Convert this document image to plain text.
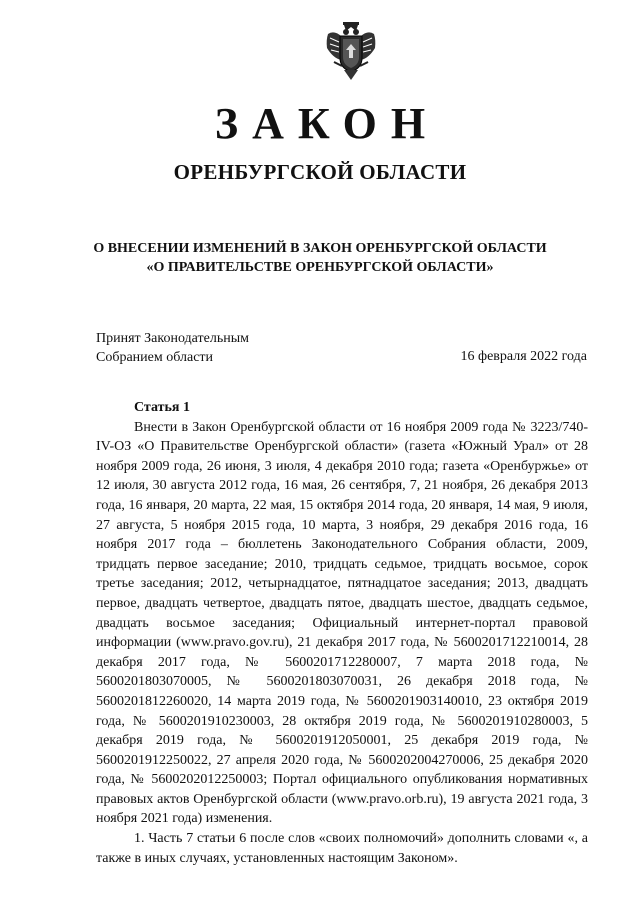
ЗАКОН
ОРЕНБУРГСКОЙ ОБЛАСТИ
О ВНЕСЕНИИ ИЗМЕНЕНИЙ В ЗАКОН ОРЕНБУРГСКОЙ ОБЛАСТИ
«О ПРАВИТЕЛЬСТВЕ ОРЕНБУРГСКОЙ ОБЛАСТИ»
Принят Законодательным
Собранием области	16 февраля 2022 года
Статья 1

Внести в Закон Оренбургской области от 16 ноября 2009 года № 3223/740-IV-ОЗ «О Правительстве Оренбургской области» (газета «Южный Урал» от 28 ноября 2009 года, 26 июня, 3 июля, 4 декабря 2010 года; газета «Оренбуржье» от 12 июля, 30 августа 2012 года, 16 мая, 26 сентября, 7, 21 ноября, 26 декабря 2013 года, 16 января, 20 марта, 22 мая, 15 октября 2014 года, 20 января, 14 мая, 9 июля, 27 августа, 5 ноября 2015 года, 10 марта, 3 ноября, 29 декабря 2016 года, 16 ноября 2017 года – бюллетень Законодательного Собрания области, 2009, тридцать первое заседание; 2010, тридцать седьмое, тридцать восьмое, сорок третье заседания; 2012, четырнадцатое, пятнадцатое заседания; 2013, двадцать первое, двадцать четвертое, двадцать пятое, двадцать шестое, двадцать седьмое, двадцать восьмое заседания; Официальный интернет-портал правовой информации (www.pravo.gov.ru), 21 декабря 2017 года, № 5600201712210014, 28 декабря 2017 года, № 5600201712280007, 7 марта 2018 года, № 5600201803070005, № 5600201803070031, 26 декабря 2018 года, № 5600201812260020, 14 марта 2019 года, № 5600201903140010, 23 октября 2019 года, № 5600201910230003, 28 октября 2019 года, № 5600201910280003, 5 декабря 2019 года, № 5600201912050001, 25 декабря 2019 года, № 5600201912250022, 27 апреля 2020 года, № 5600202004270006, 25 декабря 2020 года, № 5600202012250003; Портал официального опубликования нормативных правовых актов Оренбургской области (www.pravo.orb.ru), 19 августа 2021 года, 3 ноября 2021 года) изменения.

1. Часть 7 статьи 6 после слов «своих полномочий» дополнить словами «, а также в иных случаях, установленных настоящим Законом».
